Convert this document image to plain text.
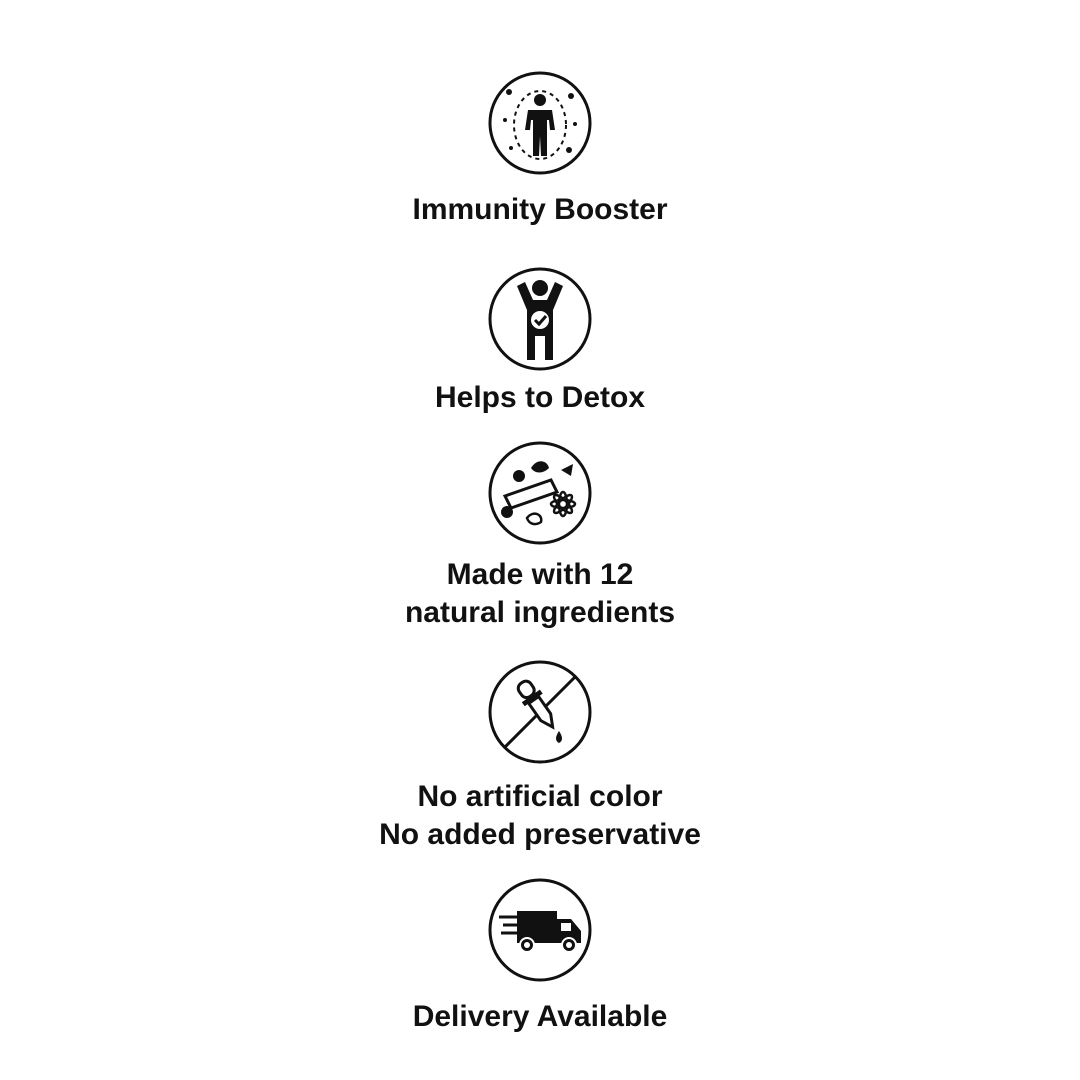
Immunity Booster
Helps to Detox
Made with 12
natural ingredients
No artificial color
No added preservative
Delivery Available
